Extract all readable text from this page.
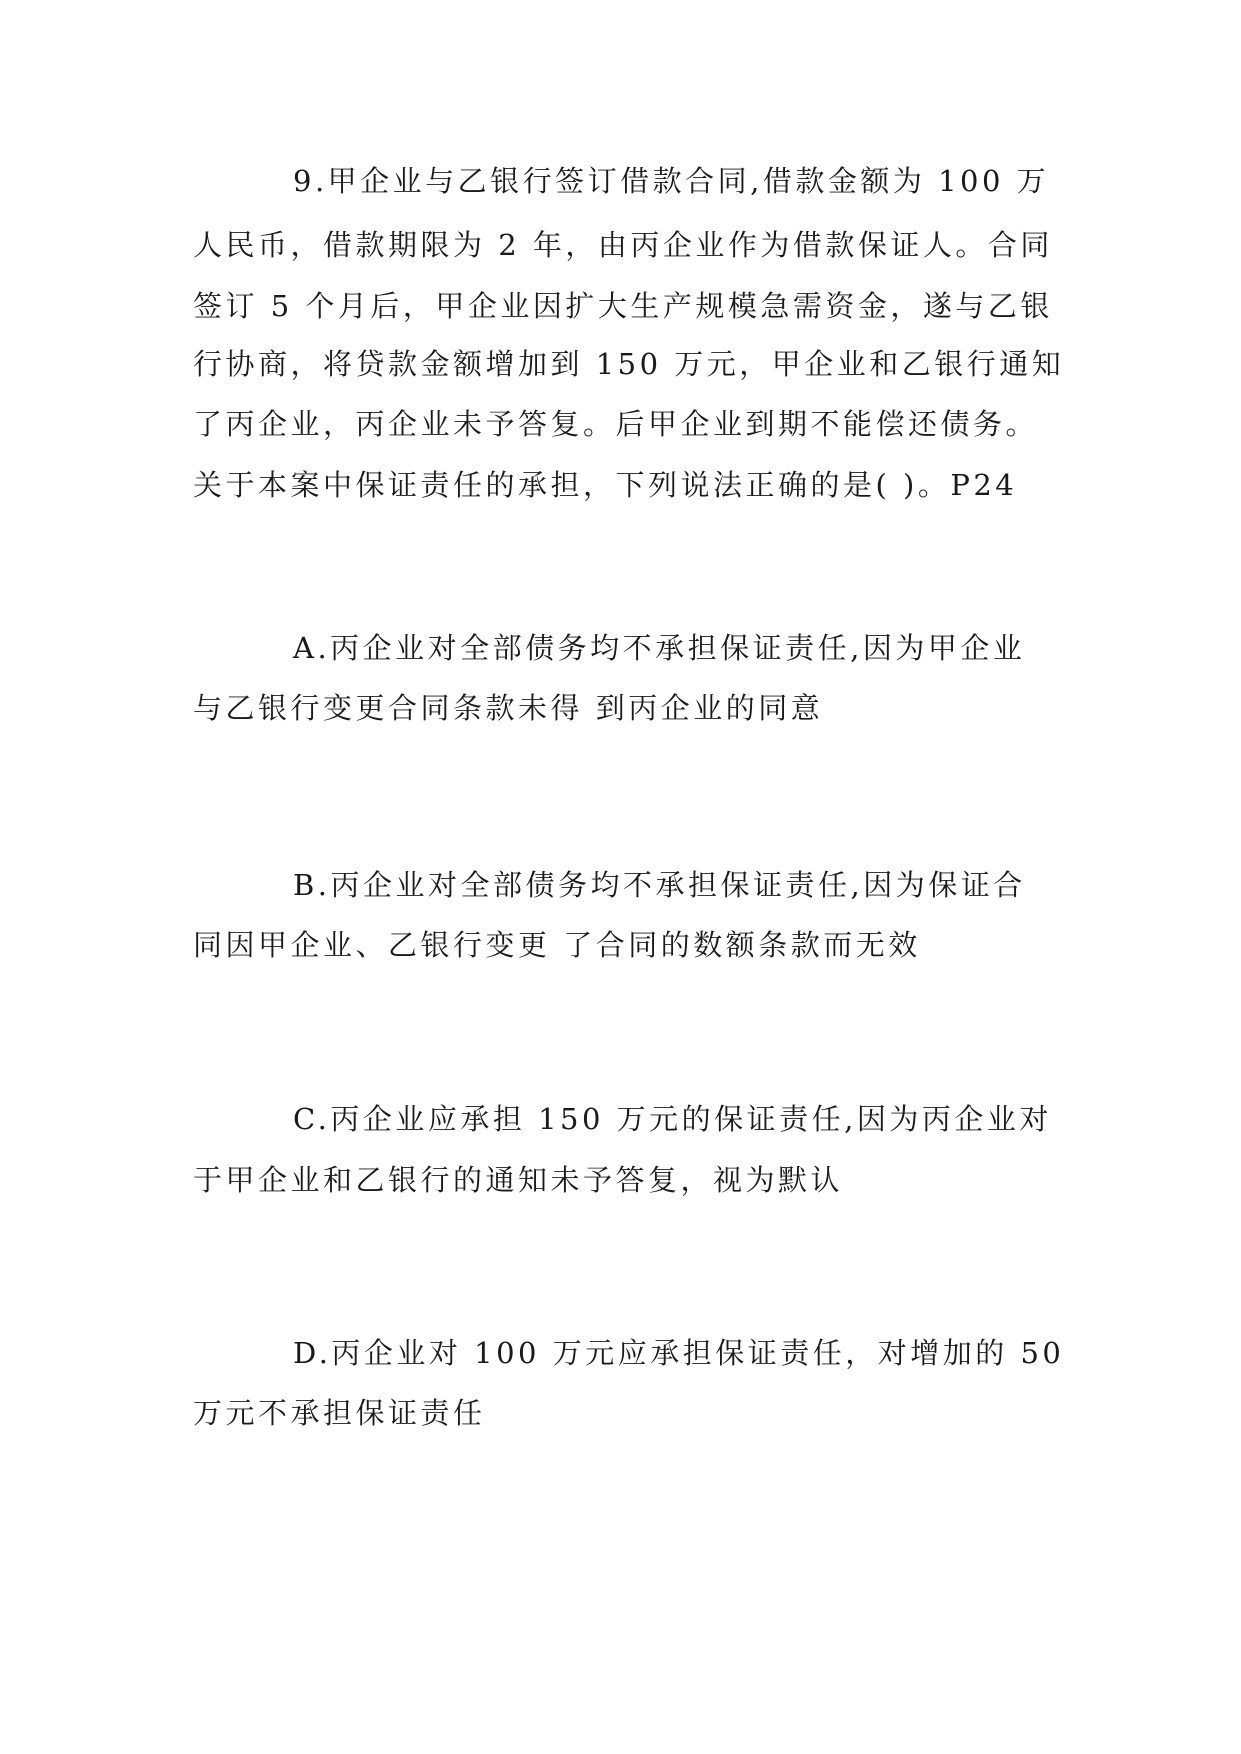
9.甲企业与乙银行签订借款合同,借款金额为 100 万
人民币，借款期限为 2 年，由丙企业作为借款保证人。合同
签订 5 个月后，甲企业因扩大生产规模急需资金，遂与乙银
行协商，将贷款金额增加到 150 万元，甲企业和乙银行通知
了丙企业，丙企业未予答复。后甲企业到期不能偿还债务。
关于本案中保证责任的承担，下列说法正确的是( )。P24
A.丙企业对全部债务均不承担保证责任,因为甲企业
与乙银行变更合同条款未得 到丙企业的同意
B.丙企业对全部债务均不承担保证责任,因为保证合
同因甲企业、乙银行变更 了合同的数额条款而无效
C.丙企业应承担 150 万元的保证责任,因为丙企业对
于甲企业和乙银行的通知未予答复，视为默认
D.丙企业对 100 万元应承担保证责任，对增加的 50
万元不承担保证责任
